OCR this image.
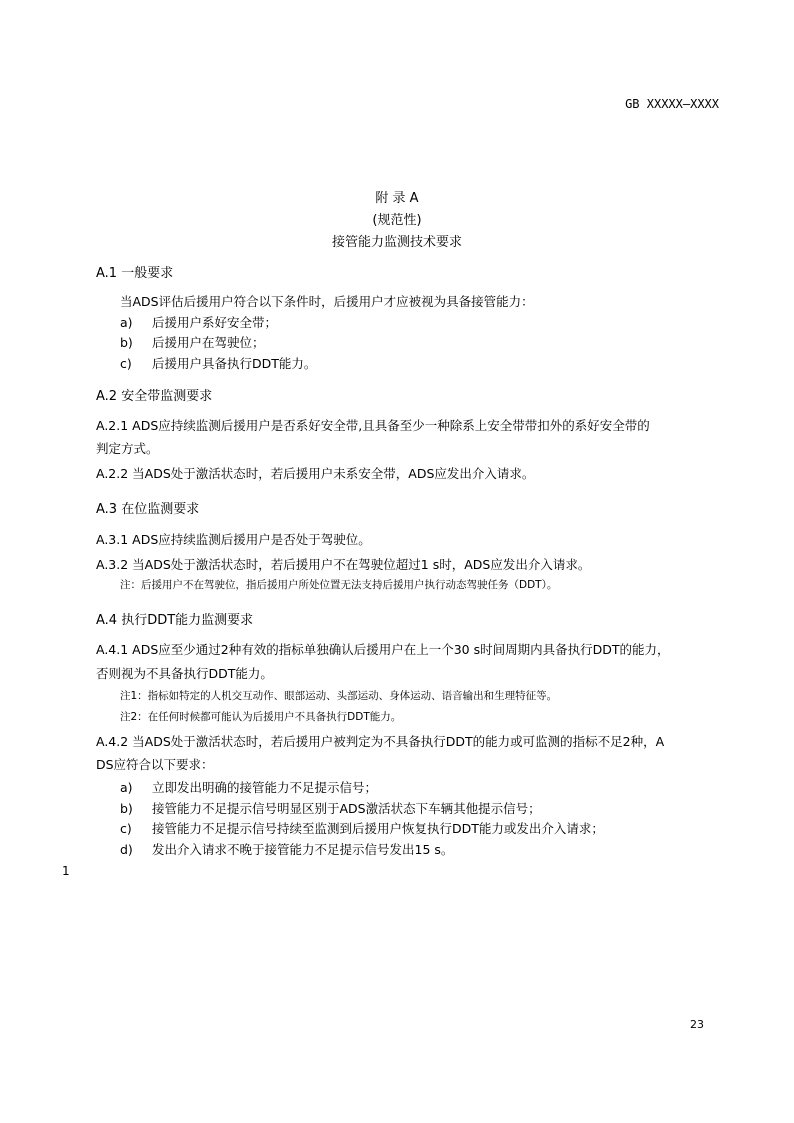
GB XXXXX—XXXX
附 录 A
(规范性)
接管能力监测技术要求
A.1 一般要求
当ADS评估后援用户符合以下条件时，后援用户才应被视为具备接管能力：
a) 后援用户系好安全带；
b) 后援用户在驾驶位；
c) 后援用户具备执行DDT能力。
A.2 安全带监测要求
A.2.1 ADS应持续监测后援用户是否系好安全带,且具备至少一种除系上安全带带扣外的系好安全带的
判定方式。
A.2.2 当ADS处于激活状态时，若后援用户未系安全带，ADS应发出介入请求。
A.3 在位监测要求
A.3.1 ADS应持续监测后援用户是否处于驾驶位。
A.3.2 当ADS处于激活状态时，若后援用户不在驾驶位超过1 s时，ADS应发出介入请求。
注：后援用户不在驾驶位，指后援用户所处位置无法支持后援用户执行动态驾驶任务（DDT）。
A.4 执行DDT能力监测要求
A.4.1 ADS应至少通过2种有效的指标单独确认后援用户在上一个30 s时间周期内具备执行DDT的能力，
否则视为不具备执行DDT能力。
注1：指标如特定的人机交互动作、眼部运动、头部运动、身体运动、语音输出和生理特征等。
注2：在任何时候都可能认为后援用户不具备执行DDT能力。
A.4.2 当ADS处于激活状态时，若后援用户被判定为不具备执行DDT的能力或可监测的指标不足2种，A
DS应符合以下要求：
a) 立即发出明确的接管能力不足提示信号；
b) 接管能力不足提示信号明显区别于ADS激活状态下车辆其他提示信号；
c) 接管能力不足提示信号持续至监测到后援用户恢复执行DDT能力或发出介入请求；
d) 发出介入请求不晚于接管能力不足提示信号发出15 s。
1
23
